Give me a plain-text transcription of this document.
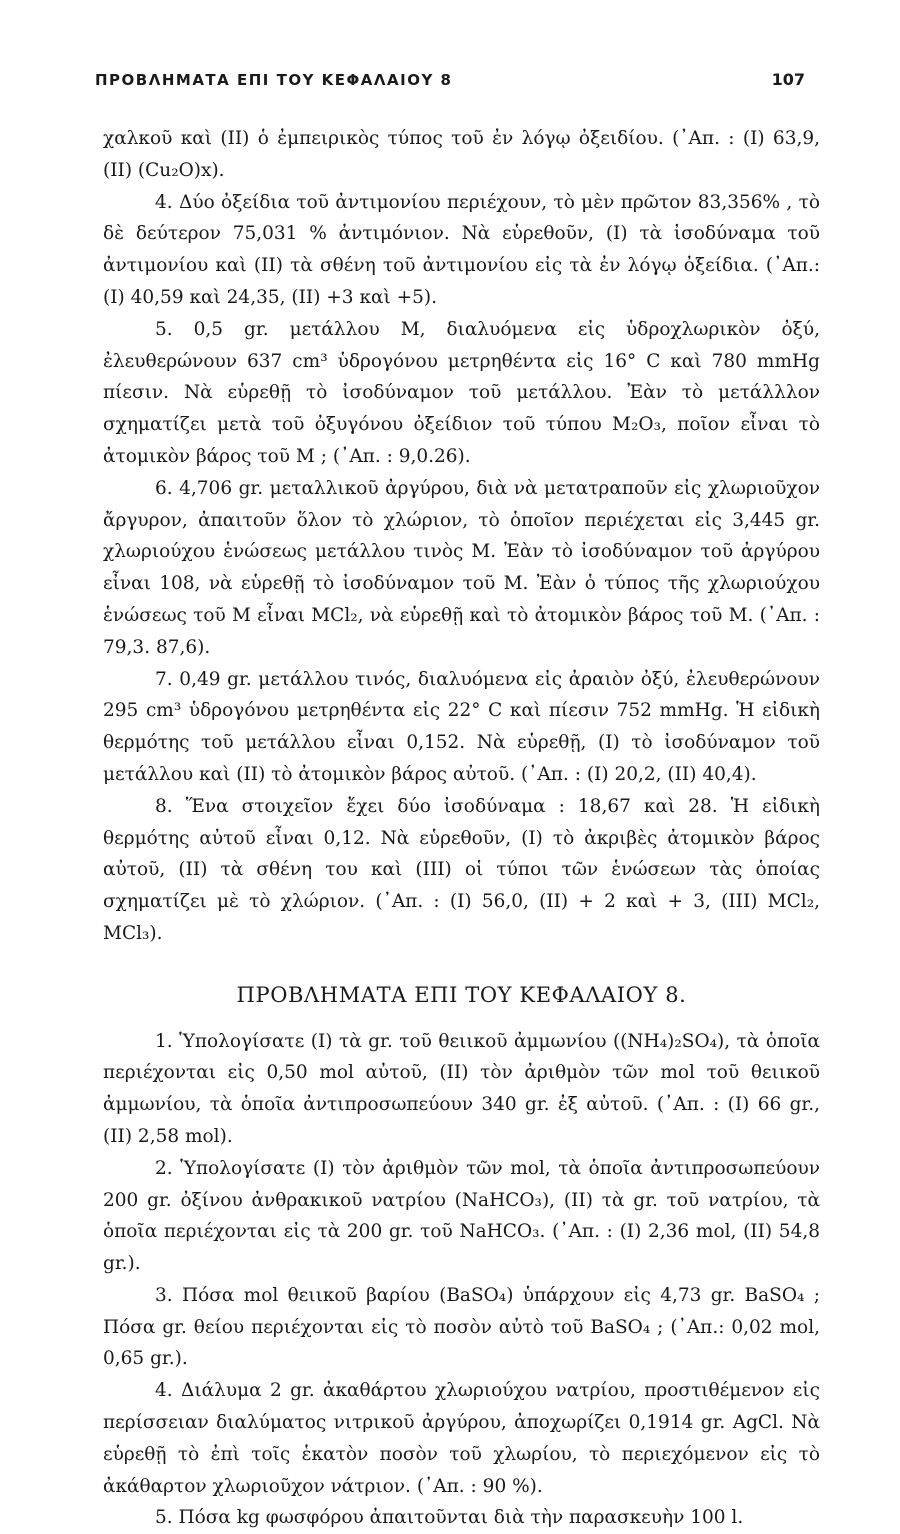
ΠΡΟΒΛΗΜΑΤΑ ΕΠΙ ΤΟΥ ΚΕΦΑΛΑΙΟΥ 8	107

χαλκοῦ καὶ (II) ὁ ἐμπειρικὸς τύπος τοῦ ἐν λόγῳ ὀξειδίου. (᾿Απ. : (I) 63,9, (II) (Cu₂O)x).

4. Δύο ὀξείδια τοῦ ἀντιμονίου περιέχουν, τὸ μὲν πρῶτον 83,356% , τὸ δὲ δεύτερον 75,031 % ἀντιμόνιον. Νὰ εὑρεθοῦν, (I) τὰ ἰσοδύναμα τοῦ ἀντιμονίου καὶ (II) τὰ σθένη τοῦ ἀντιμονίου εἰς τὰ ἐν λόγῳ ὀξείδια. (᾿Απ.: (I) 40,59 καὶ 24,35, (II) +3 καὶ +5).

5. 0,5 gr. μετάλλου Μ, διαλυόμενα εἰς ὑδροχλωρικὸν ὀξύ, ἐλευθερώνουν 637 cm³ ὑδρογόνου μετρηθέντα εἰς 16° C καὶ 780 mmHg πίεσιν. Νὰ εὑρεθῇ τὸ ἰσοδύναμον τοῦ μετάλλου. Ἐὰν τὸ μετάλλλον σχηματίζει μετὰ τοῦ ὀξυγόνου ὀξείδιον τοῦ τύπου Μ₂O₃, ποῖον εἶναι τὸ ἀτομικὸν βάρος τοῦ Μ ; (᾿Απ. : 9,0.26).

6. 4,706 gr. μεταλλικοῦ ἀργύρου, διὰ νὰ μετατραποῦν εἰς χλωριοῦχον ἄργυρον, ἀπαιτοῦν ὅλον τὸ χλώριον, τὸ ὁποῖον περιέχεται εἰς 3,445 gr. χλωριούχου ἑνώσεως μετάλλου τινὸς Μ. Ἐὰν τὸ ἰσοδύναμον τοῦ ἀργύρου εἶναι 108, νὰ εὑρεθῇ τὸ ἰσοδύναμον τοῦ Μ. Ἐὰν ὁ τύπος τῆς χλωριούχου ἑνώσεως τοῦ Μ εἶναι MCl₂, νὰ εὑρεθῇ καὶ τὸ ἀτομικὸν βάρος τοῦ Μ. (᾿Απ. : 79,3. 87,6).

7. 0,49 gr. μετάλλου τινός, διαλυόμενα εἰς ἀραιὸν ὀξύ, ἐλευθερώνουν 295 cm³ ὑδρογόνου μετρηθέντα εἰς 22° C καὶ πίεσιν 752 mmHg. Ἡ εἰδικὴ θερμότης τοῦ μετάλλου εἶναι 0,152. Νὰ εὑρεθῇ, (I) τὸ ἰσοδύναμον τοῦ μετάλλου καὶ (II) τὸ ἀτομικὸν βάρος αὐτοῦ. (᾿Απ. : (I) 20,2, (II) 40,4).

8. Ἕνα στοιχεῖον ἔχει δύο ἰσοδύναμα : 18,67 καὶ 28. Ἡ εἰδικὴ θερμότης αὐτοῦ εἶναι 0,12. Νὰ εὑρεθοῦν, (I) τὸ ἀκριβὲς ἀτομικὸν βάρος αὐτοῦ, (II) τὰ σθένη του καὶ (III) οἱ τύποι τῶν ἑνώσεων τὰς ὁποίας σχηματίζει μὲ τὸ χλώριον. (᾿Απ. : (I) 56,0, (II) + 2 καὶ + 3, (III) MCl₂, MCl₃).

ΠΡΟΒΛΗΜΑΤΑ ΕΠΙ ΤΟΥ ΚΕΦΑΛΑΙΟΥ 8.

1. Ὑπολογίσατε (I) τὰ gr. τοῦ θειικοῦ ἀμμωνίου ((NH₄)₂SO₄), τὰ ὁποῖα περιέχονται εἰς 0,50 mol αὐτοῦ, (II) τὸν ἀριθμὸν τῶν mol τοῦ θειικοῦ ἀμμωνίου, τὰ ὁποῖα ἀντιπροσωπεύουν 340 gr. ἐξ αὐτοῦ. (᾿Απ. : (I) 66 gr., (II) 2,58 mol).

2. Ὑπολογίσατε (I) τὸν ἀριθμὸν τῶν mol, τὰ ὁποῖα ἀντιπροσωπεύουν 200 gr. ὀξίνου ἀνθρακικοῦ νατρίου (NaHCO₃), (II) τὰ gr. τοῦ νατρίου, τὰ ὁποῖα περιέχονται εἰς τὰ 200 gr. τοῦ NaHCO₃. (᾿Απ. : (I) 2,36 mol, (II) 54,8 gr.).

3. Πόσα mol θειικοῦ βαρίου (BaSO₄) ὑπάρχουν εἰς 4,73 gr. BaSO₄ ; Πόσα gr. θείου περιέχονται εἰς τὸ ποσὸν αὐτὸ τοῦ BaSO₄ ; (᾿Απ.: 0,02 mol, 0,65 gr.).

4. Διάλυμα 2 gr. ἀκαθάρτου χλωριούχου νατρίου, προστιθέμενον εἰς περίσσειαν διαλύματος νιτρικοῦ ἀργύρου, ἀποχωρίζει 0,1914 gr. AgCl. Νὰ εὑρεθῇ τὸ ἐπὶ τοῖς ἑκατὸν ποσὸν τοῦ χλωρίου, τὸ περιεχόμενον εἰς τὸ ἀκάθαρτον χλωριοῦχον νάτριον. (᾿Απ. : 90 %).

5. Πόσα kg φωσφόρου ἀπαιτοῦνται διὰ τὴν παρασκευὴν 100 l.
